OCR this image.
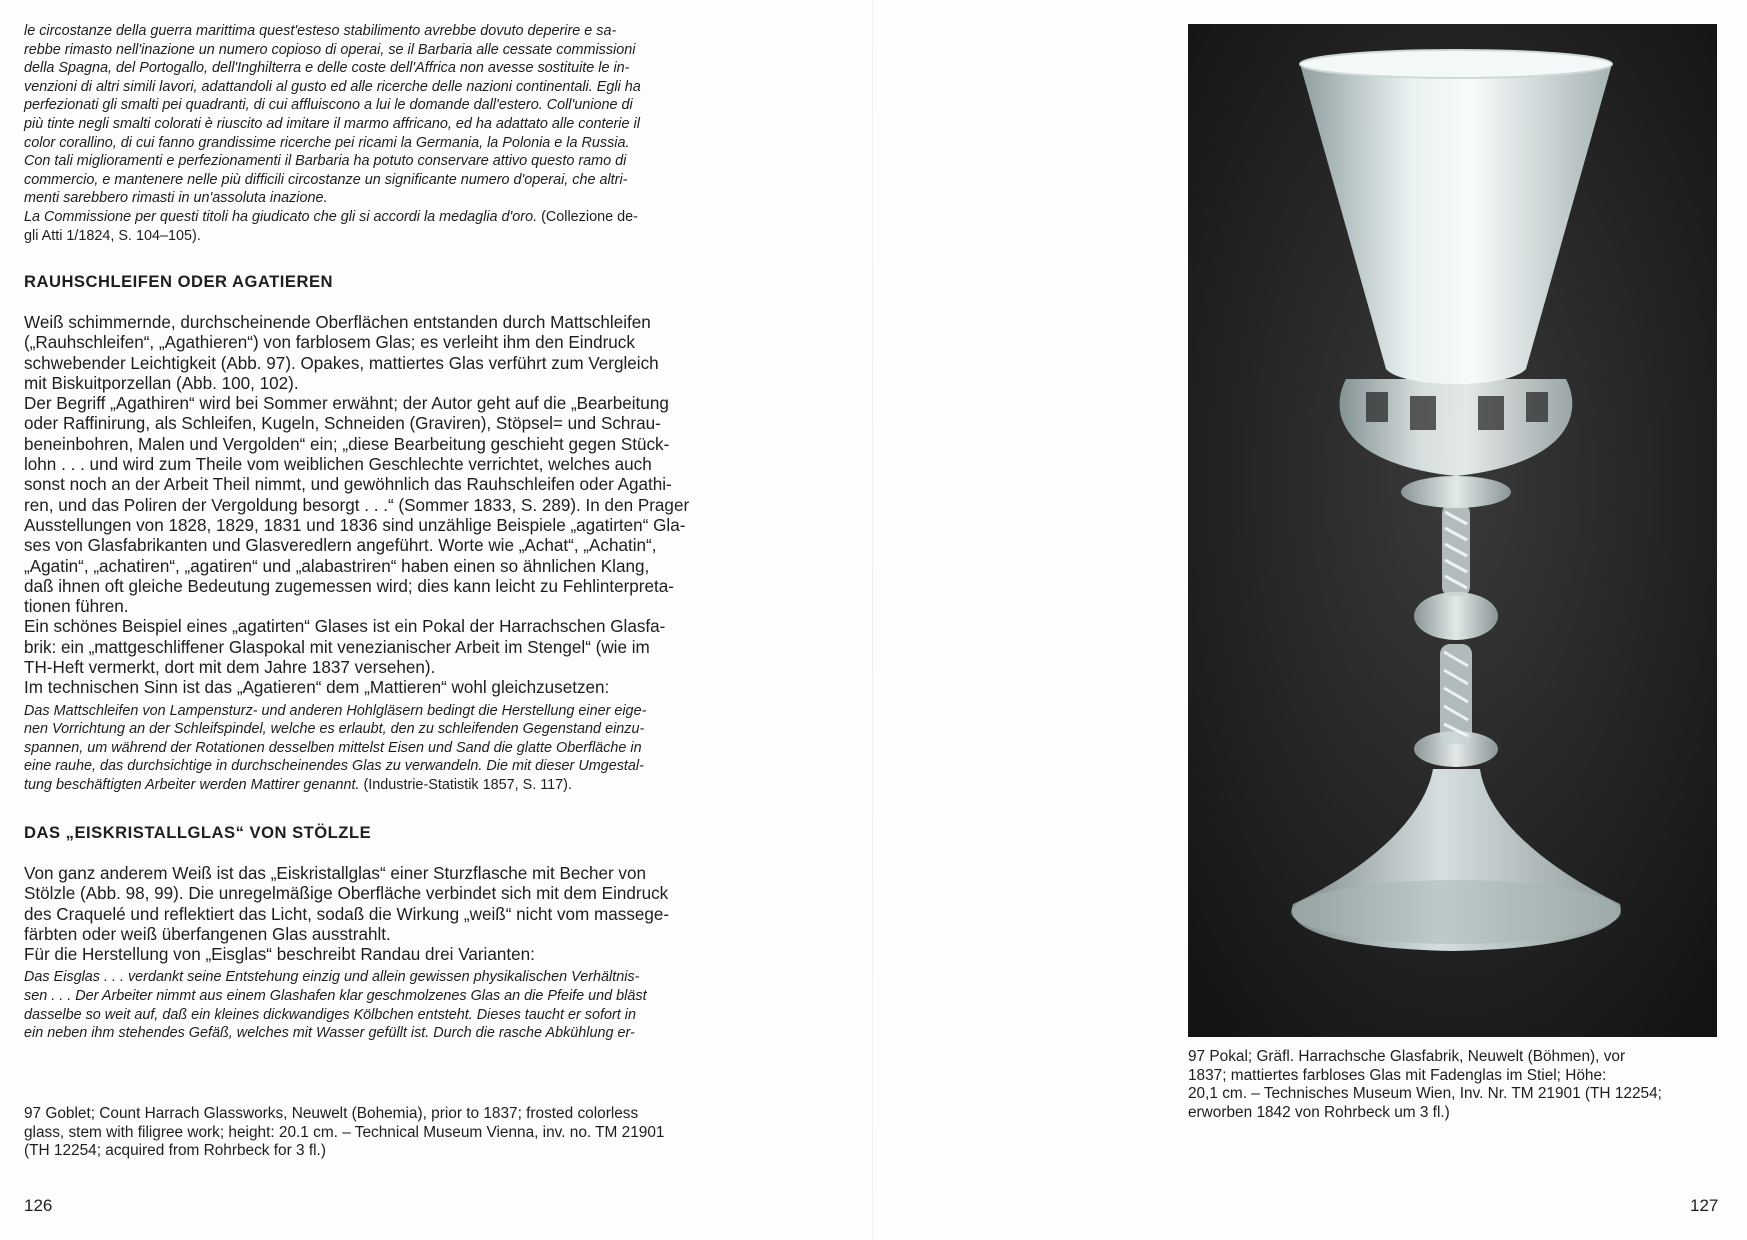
le circostanze della guerra marittima quest'esteso stabilimento avrebbe dovuto deperire e sa-
rebbe rimasto nell'inazione un numero copioso di operai, se il Barbaria alle cessate commissioni
della Spagna, del Portogallo, dell'Inghilterra e delle coste dell'Affrica non avesse sostituite le in-
venzioni di altri simili lavori, adattandoli al gusto ed alle ricerche delle nazioni continentali. Egli ha
perfezionati gli smalti pei quadranti, di cui affluiscono a lui le domande dall'estero. Coll'unione di
più tinte negli smalti colorati è riuscito ad imitare il marmo affricano, ed ha adattato alle conterie il
color corallino, di cui fanno grandissime ricerche pei ricami la Germania, la Polonia e la Russia.
Con tali miglioramenti e perfezionamenti il Barbaria ha potuto conservare attivo questo ramo di
commercio, e mantenere nelle più difficili circostanze un significante numero d'operai, che altri-
menti sarebbero rimasti in un'assoluta inazione.
La Commissione per questi titoli ha giudicato che gli si accordi la medaglia d'oro. (Collezione de-
gli Atti 1/1824, S. 104–105).

RAUHSCHLEIFEN ODER AGATIEREN

Weiß schimmernde, durchscheinende Oberflächen entstanden durch Mattschleifen
(„Rauhschleifen“, „Agathieren“) von farblosem Glas; es verleiht ihm den Eindruck
schwebender Leichtigkeit (Abb. 97). Opakes, mattiertes Glas verführt zum Vergleich
mit Biskuitporzellan (Abb. 100, 102).

Der Begriff „Agathiren“ wird bei Sommer erwähnt; der Autor geht auf die „Bearbeitung
oder Raffinirung, als Schleifen, Kugeln, Schneiden (Graviren), Stöpsel= und Schrau-
beneinbohren, Malen und Vergolden“ ein; „diese Bearbeitung geschieht gegen Stück-
lohn . . . und wird zum Theile vom weiblichen Geschlechte verrichtet, welches auch
sonst noch an der Arbeit Theil nimmt, und gewöhnlich das Rauhschleifen oder Agathi-
ren, und das Poliren der Vergoldung besorgt . . .“ (Sommer 1833, S. 289). In den Prager
Ausstellungen von 1828, 1829, 1831 und 1836 sind unzählige Beispiele „agatirten“ Gla-
ses von Glasfabrikanten und Glasveredlern angeführt. Worte wie „Achat“, „Achatin“,
„Agatin“, „achatiren“, „agatiren“ und „alabastriren“ haben einen so ähnlichen Klang,
daß ihnen oft gleiche Bedeutung zugemessen wird; dies kann leicht zu Fehlinterpreta-
tionen führen.

Ein schönes Beispiel eines „agatirten“ Glases ist ein Pokal der Harrachschen Glasfa-
brik: ein „mattgeschliffener Glaspokal mit venezianischer Arbeit im Stengel“ (wie im
TH-Heft vermerkt, dort mit dem Jahre 1837 versehen).

Im technischen Sinn ist das „Agatieren“ dem „Mattieren“ wohl gleichzusetzen:

Das Mattschleifen von Lampensturz- und anderen Hohlgläsern bedingt die Herstellung einer eige-
nen Vorrichtung an der Schleifspindel, welche es erlaubt, den zu schleifenden Gegenstand einzu-
spannen, um während der Rotationen desselben mittelst Eisen und Sand die glatte Oberfläche in
eine rauhe, das durchsichtige in durchscheinendes Glas zu verwandeln. Die mit dieser Umgestal-
tung beschäftigten Arbeiter werden Mattirer genannt. (Industrie-Statistik 1857, S. 117).

DAS „EISKRISTALLGLAS“ VON STÖLZLE

Von ganz anderem Weiß ist das „Eiskristallglas“ einer Sturzflasche mit Becher von
Stölzle (Abb. 98, 99). Die unregelmäßige Oberfläche verbindet sich mit dem Eindruck
des Craquelé und reflektiert das Licht, sodaß die Wirkung „weiß“ nicht vom massege-
färbten oder weiß überfangenen Glas ausstrahlt.

Für die Herstellung von „Eisglas“ beschreibt Randau drei Varianten:

Das Eisglas . . . verdankt seine Entstehung einzig und allein gewissen physikalischen Verhältnis-
sen . . . Der Arbeiter nimmt aus einem Glashafen klar geschmolzenes Glas an die Pfeife und bläst
dasselbe so weit auf, daß ein kleines dickwandiges Kölbchen entsteht. Dieses taucht er sofort in
ein neben ihm stehendes Gefäß, welches mit Wasser gefüllt ist. Durch die rasche Abkühlung er-

97 Goblet; Count Harrach Glassworks, Neuwelt (Bohemia), prior to 1837; frosted colorless
glass, stem with filigree work; height: 20.1 cm. – Technical Museum Vienna, inv. no. TM 21901
(TH 12254; acquired from Rohrbeck for 3 fl.)

126

97 Pokal; Gräfl. Harrachsche Glasfabrik, Neuwelt (Böhmen), vor
1837; mattiertes farbloses Glas mit Fadenglas im Stiel; Höhe:
20,1 cm. – Technisches Museum Wien, Inv. Nr. TM 21901 (TH 12254;
erworben 1842 von Rohrbeck um 3 fl.)

127
